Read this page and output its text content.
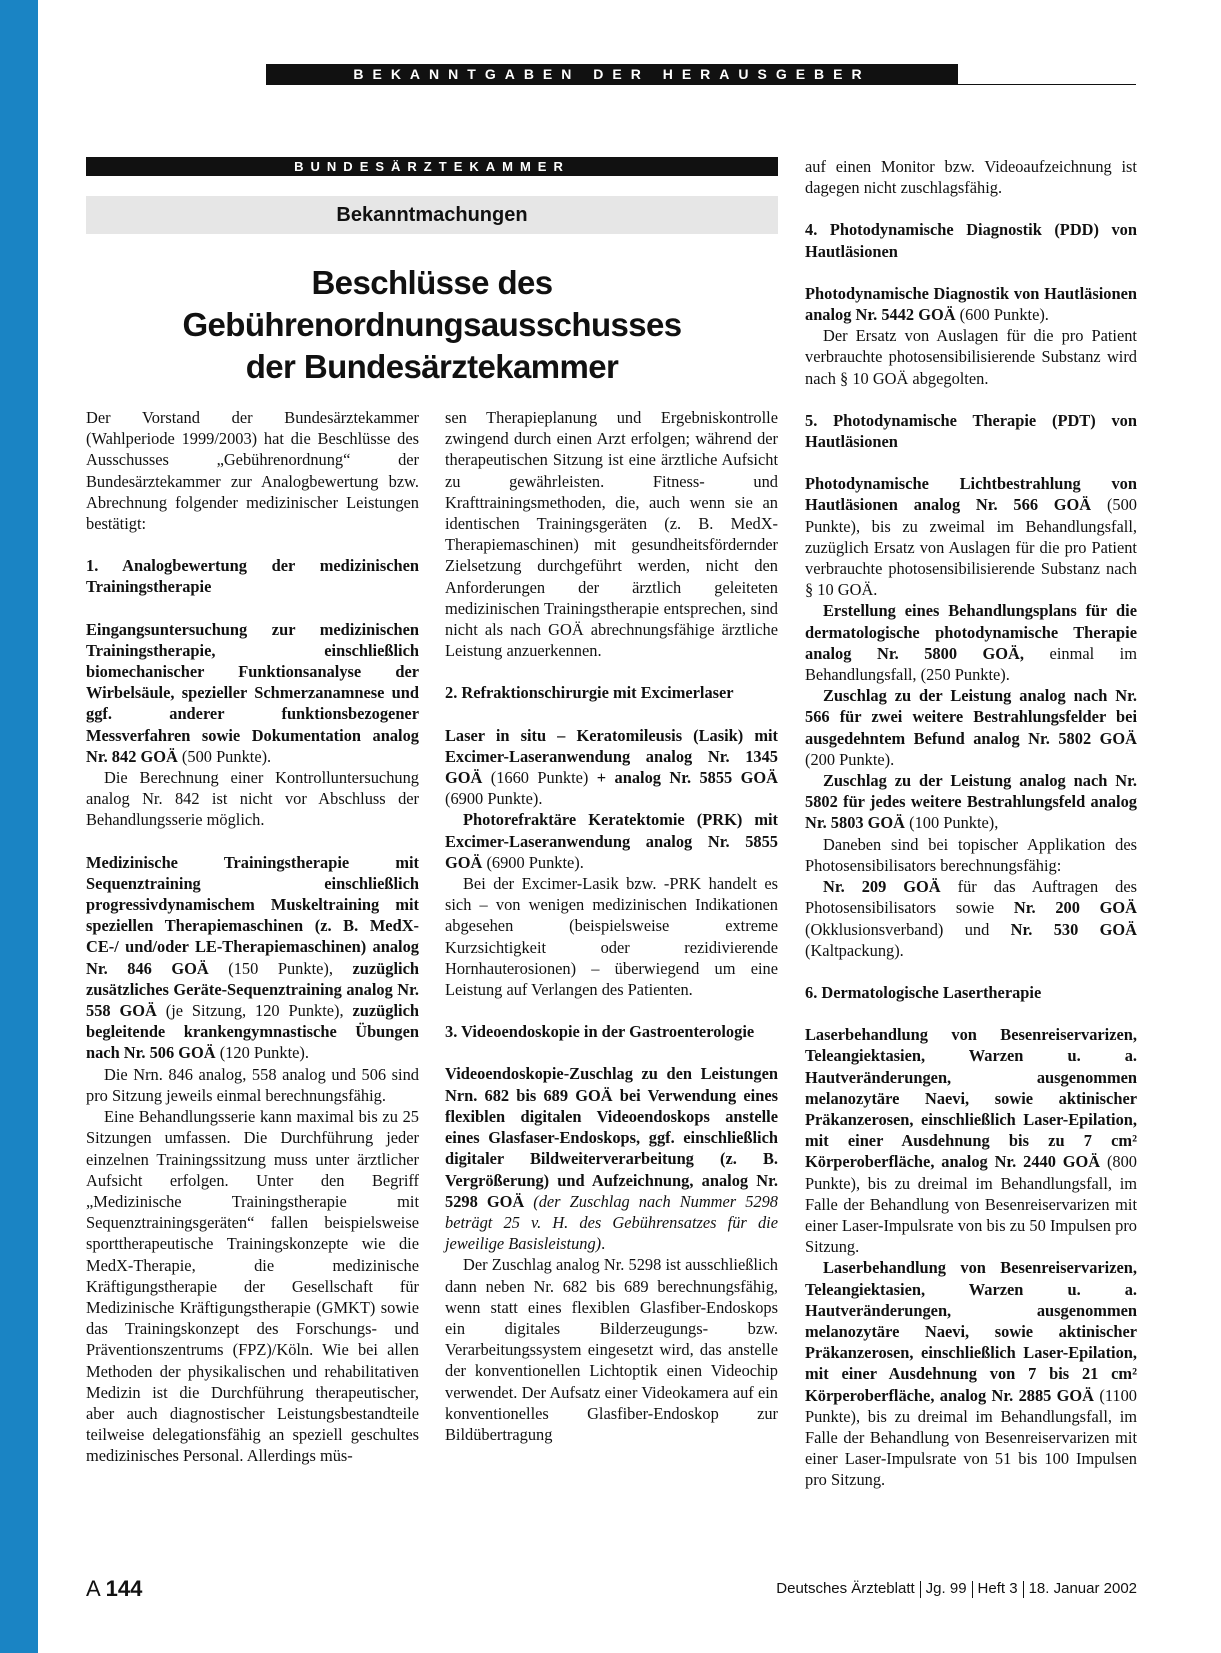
BEKANNTGABEN DER HERAUSGEBER
BUNDESÄRZTEKAMMER
Bekanntmachungen
Beschlüsse des
Gebührenordnungsausschusses
der Bundesärztekammer

Der Vorstand der Bundesärztekammer (Wahlperiode 1999/2003) hat die Beschlüsse des Ausschusses „Gebührenordnung“ der Bundesärztekammer zur Analogbewertung bzw. Abrechnung folgender medizinischer Leistungen bestätigt:

1. Analogbewertung der medizinischen Trainingstherapie

Eingangsuntersuchung zur medizinischen Trainingstherapie, einschließlich biomechanischer Funktionsanalyse der Wirbelsäule, spezieller Schmerzanamnese und ggf. anderer funktionsbezogener Messverfahren sowie Dokumentation analog Nr. 842 GOÄ (500 Punkte).

Die Berechnung einer Kontrolluntersuchung analog Nr. 842 ist nicht vor Abschluss der Behandlungsserie möglich.

Medizinische Trainingstherapie mit Sequenztraining einschließlich progressivdynamischem Muskeltraining mit speziellen Therapiemaschinen (z. B. MedX-CE-/ und/oder LE-Therapiemaschinen) analog Nr. 846 GOÄ (150 Punkte), zuzüglich zusätzliches Geräte-Sequenztraining analog Nr. 558 GOÄ (je Sitzung, 120 Punkte), zuzüglich begleitende krankengymnastische Übungen nach Nr. 506 GOÄ (120 Punkte).

Die Nrn. 846 analog, 558 analog und 506 sind pro Sitzung jeweils einmal berechnungsfähig.

Eine Behandlungsserie kann maximal bis zu 25 Sitzungen umfassen. Die Durchführung jeder einzelnen Trainingssitzung muss unter ärztlicher Aufsicht erfolgen. Unter den Begriff „Medizinische Trainingstherapie mit Sequenztrainingsgeräten“ fallen beispielsweise sporttherapeutische Trainingskonzepte wie die MedX-Therapie, die medizinische Kräftigungstherapie der Gesellschaft für Medizinische Kräftigungstherapie (GMKT) sowie das Trainingskonzept des Forschungs- und Präventionszentrums (FPZ)/Köln. Wie bei allen Methoden der physikalischen und rehabilitativen Medizin ist die Durchführung therapeutischer, aber auch diagnostischer Leistungsbestandteile teilweise delegationsfähig an speziell geschultes medizinisches Personal. Allerdings müs-

sen Therapieplanung und Ergebniskontrolle zwingend durch einen Arzt erfolgen; während der therapeutischen Sitzung ist eine ärztliche Aufsicht zu gewährleisten. Fitness- und Krafttrainingsmethoden, die, auch wenn sie an identischen Trainingsgeräten (z. B. MedX-Therapiemaschinen) mit gesundheitsfördernder Zielsetzung durchgeführt werden, nicht den Anforderungen der ärztlich geleiteten medizinischen Trainingstherapie entsprechen, sind nicht als nach GOÄ abrechnungsfähige ärztliche Leistung anzuerkennen.

2. Refraktionschirurgie mit Excimerlaser

Laser in situ – Keratomileusis (Lasik) mit Excimer-Laseranwendung analog Nr. 1345 GOÄ (1660 Punkte) + analog Nr. 5855 GOÄ (6900 Punkte).

Photorefraktäre Keratektomie (PRK) mit Excimer-Laseranwendung analog Nr. 5855 GOÄ (6900 Punkte).

Bei der Excimer-Lasik bzw. -PRK handelt es sich – von wenigen medizinischen Indikationen abgesehen (beispielsweise extreme Kurzsichtigkeit oder rezidivierende Hornhauterosionen) – überwiegend um eine Leistung auf Verlangen des Patienten.

3. Videoendoskopie in der Gastroenterologie

Videoendoskopie-Zuschlag zu den Leistungen Nrn. 682 bis 689 GOÄ bei Verwendung eines flexiblen digitalen Videoendoskops anstelle eines Glasfaser-Endoskops, ggf. einschließlich digitaler Bildweiterverarbeitung (z. B. Vergrößerung) und Aufzeichnung, analog Nr. 5298 GOÄ (der Zuschlag nach Nummer 5298 beträgt 25 v. H. des Gebührensatzes für die jeweilige Basisleistung).

Der Zuschlag analog Nr. 5298 ist ausschließlich dann neben Nr. 682 bis 689 berechnungsfähig, wenn statt eines flexiblen Glasfiber-Endoskops ein digitales Bilderzeugungs- bzw. Verarbeitungssystem eingesetzt wird, das anstelle der konventionellen Lichtoptik einen Videochip verwendet. Der Aufsatz einer Videokamera auf ein konventionelles Glasfiber-Endoskop zur Bildübertragung

auf einen Monitor bzw. Videoaufzeichnung ist dagegen nicht zuschlagsfähig.

4. Photodynamische Diagnostik (PDD) von Hautläsionen

Photodynamische Diagnostik von Hautläsionen analog Nr. 5442 GOÄ (600 Punkte).

Der Ersatz von Auslagen für die pro Patient verbrauchte photosensibilisierende Substanz wird nach § 10 GOÄ abgegolten.

5. Photodynamische Therapie (PDT) von Hautläsionen

Photodynamische Lichtbestrahlung von Hautläsionen analog Nr. 566 GOÄ (500 Punkte), bis zu zweimal im Behandlungsfall, zuzüglich Ersatz von Auslagen für die pro Patient verbrauchte photosensibilisierende Substanz nach § 10 GOÄ.

Erstellung eines Behandlungsplans für die dermatologische photodynamische Therapie analog Nr. 5800 GOÄ, einmal im Behandlungsfall, (250 Punkte).

Zuschlag zu der Leistung analog nach Nr. 566 für zwei weitere Bestrahlungsfelder bei ausgedehntem Befund analog Nr. 5802 GOÄ (200 Punkte).

Zuschlag zu der Leistung analog nach Nr. 5802 für jedes weitere Bestrahlungsfeld analog Nr. 5803 GOÄ (100 Punkte),

Daneben sind bei topischer Applikation des Photosensibilisators berechnungsfähig:

Nr. 209 GOÄ für das Auftragen des Photosensibilisators sowie Nr. 200 GOÄ (Okklusionsverband) und Nr. 530 GOÄ (Kaltpackung).

6. Dermatologische Lasertherapie

Laserbehandlung von Besenreiservarizen, Teleangiektasien, Warzen u. a. Hautveränderungen, ausgenommen melanozytäre Naevi, sowie aktinischer Präkanzerosen, einschließlich Laser-Epilation, mit einer Ausdehnung bis zu 7 cm² Körperoberfläche, analog Nr. 2440 GOÄ (800 Punkte), bis zu dreimal im Behandlungsfall, im Falle der Behandlung von Besenreiservarizen mit einer Laser-Impulsrate von bis zu 50 Impulsen pro Sitzung.

Laserbehandlung von Besenreiservarizen, Teleangiektasien, Warzen u. a. Hautveränderungen, ausgenommen melanozytäre Naevi, sowie aktinischer Präkanzerosen, einschließlich Laser-Epilation, mit einer Ausdehnung von 7 bis 21 cm² Körperoberfläche, analog Nr. 2885 GOÄ (1100 Punkte), bis zu dreimal im Behandlungsfall, im Falle der Behandlung von Besenreiservarizen mit einer Laser-Impulsrate von 51 bis 100 Impulsen pro Sitzung.

A 144	Deutsches Ärzteblatt Jg. 99 Heft 3 18. Januar 2002
